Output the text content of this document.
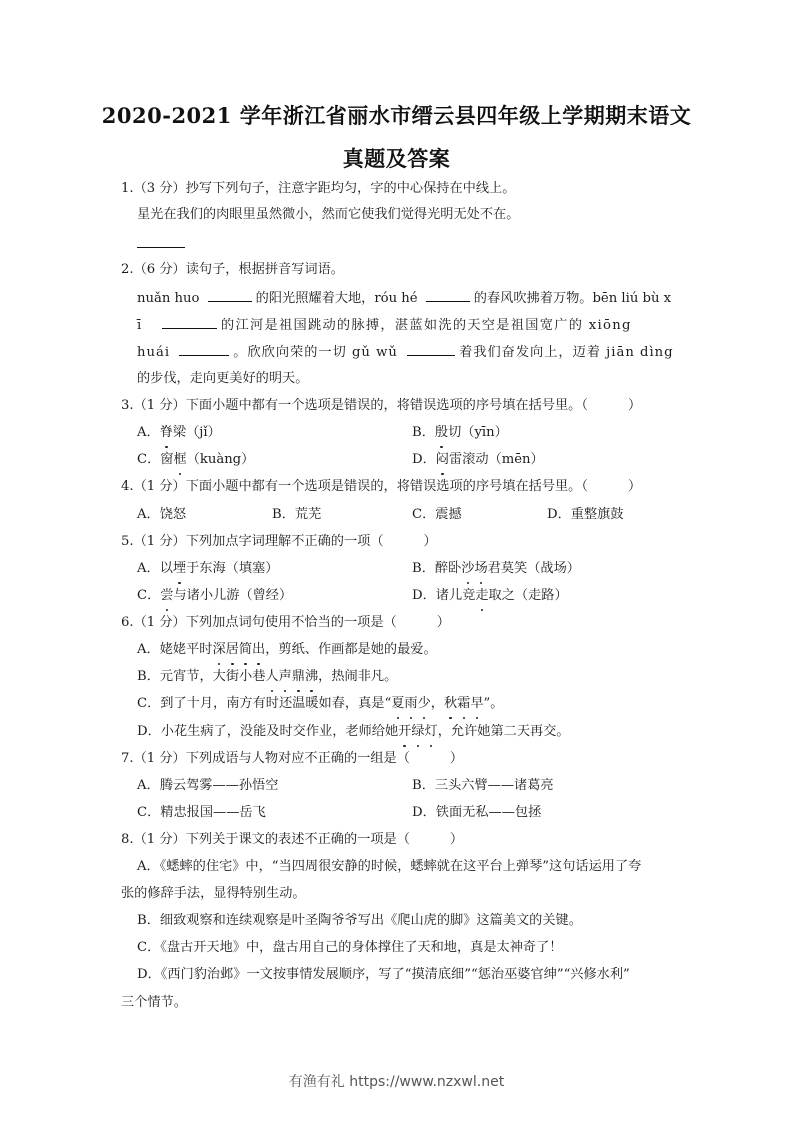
2020-2021 学年浙江省丽水市缙云县四年级上学期期末语文
真题及答案
1.（3 分）抄写下列句子，注意字距均匀，字的中心保持在中线上。
星光在我们的肉眼里虽然微小，然而它使我们觉得光明无处不在。
2.（6 分）读句子，根据拼音写词语。
nuǎn huo	的阳光照耀着大地，róu hé	的春风吹拂着万物。bēn liú bù x
ī	的江河是祖国跳动的脉搏，湛蓝如洗的天空是祖国宽广的 xiōng
huái	。欣欣向荣的一切 gǔ wǔ	着我们奋发向上，迈着 jiān dìng
的步伐，走向更美好的明天。
3.（1 分）下面小题中都有一个选项是错误的，将错误选项的序号填在括号里。（	）
A．脊梁（jǐ）	B．殷切（yīn）
C．窗框（kuàng）	D．闷雷滚动（mēn）
4.（1 分）下面小题中都有一个选项是错误的，将错误选项的序号填在括号里。（	）
A．饶怒	B．荒芜	C．震撼	D．重整旗鼓
5.（1 分）下列加点字词理解不正确的一项（	）
A．以堙于东海（填塞）	B．醉卧沙场君莫笑（战场）
C．尝与诸小儿游（曾经）	D．诸儿竞走取之（走路）
6.（1 分）下列加点词句使用不恰当的一项是（	）
A．姥姥平时深居简出，剪纸、作画都是她的最爱。
B．元宵节，大街小巷人声鼎沸，热闹非凡。
C．到了十月，南方有时还温暖如春，真是“夏雨少，秋霜早”。
D．小花生病了，没能及时交作业，老师给她开绿灯，允许她第二天再交。
7.（1 分）下列成语与人物对应不正确的一组是（	）
A．腾云驾雾——孙悟空	B．三头六臂——诸葛亮
C．精忠报国——岳飞	D．铁面无私——包拯
8.（1 分）下列关于课文的表述不正确的一项是（	）
A．《蟋蟀的住宅》中，“当四周很安静的时候，蟋蟀就在这平台上弹琴”这句话运用了夸
张的修辞手法，显得特别生动。
B．细致观察和连续观察是叶圣陶爷爷写出《爬山虎的脚》这篇美文的关键。
C．《盘古开天地》中，盘古用自己的身体撑住了天和地，真是太神奇了！
D．《西门豹治邺》一文按事情发展顺序，写了“摸清底细”“惩治巫婆官绅”“兴修水利”
三个情节。
有渔有礼 https://www.nzxwl.net
